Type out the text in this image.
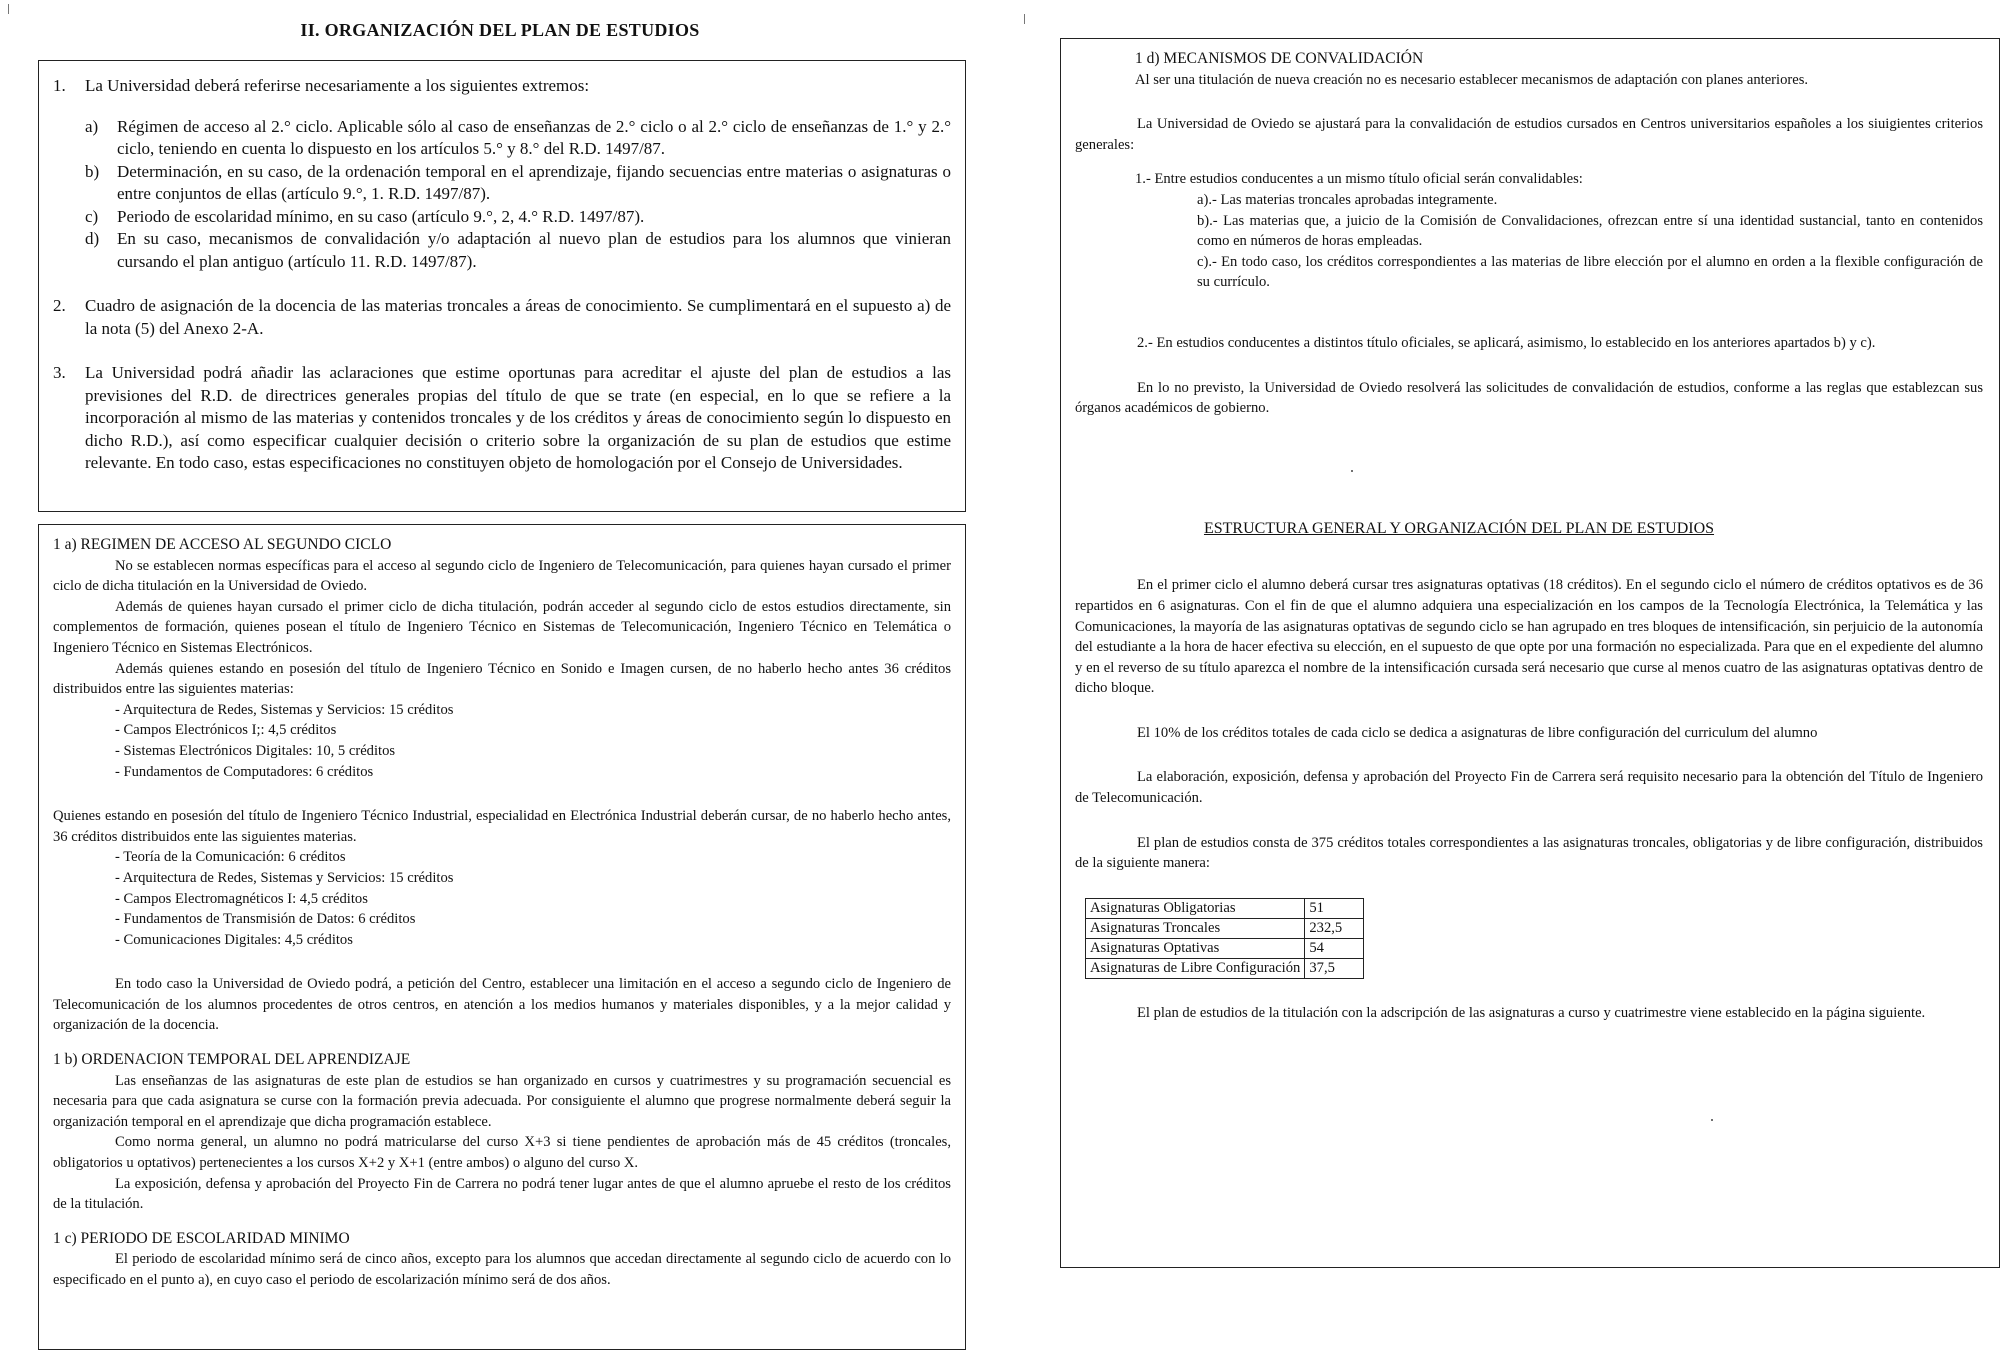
II. ORGANIZACIÓN DEL PLAN DE ESTUDIOS
1.	La Universidad deberá referirse necesariamente a los siguientes extremos:
a)	Régimen de acceso al 2.° ciclo. Aplicable sólo al caso de enseñanzas de 2.° ciclo o al 2.° ciclo de enseñanzas de 1.° y 2.° ciclo, teniendo en cuenta lo dispuesto en los artículos 5.° y 8.° del R.D. 1497/87.
b)	Determinación, en su caso, de la ordenación temporal en el aprendizaje, fijando secuencias entre materias o asignaturas o entre conjuntos de ellas (artículo 9.°, 1. R.D. 1497/87).
c)	Periodo de escolaridad mínimo, en su caso (artículo 9.°, 2, 4.° R.D. 1497/87).
d)	En su caso, mecanismos de convalidación y/o adaptación al nuevo plan de estudios para los alumnos que vinieran cursando el plan antiguo (artículo 11. R.D. 1497/87).
2.	Cuadro de asignación de la docencia de las materias troncales a áreas de conocimiento. Se cumplimentará en el supuesto a) de la nota (5) del Anexo 2-A.
3.	La Universidad podrá añadir las aclaraciones que estime oportunas para acreditar el ajuste del plan de estudios a las previsiones del R.D. de directrices generales propias del título de que se trate (en especial, en lo que se refiere a la incorporación al mismo de las materias y contenidos troncales y de los créditos y áreas de conocimiento según lo dispuesto en dicho R.D.), así como especificar cualquier decisión o criterio sobre la organización de su plan de estudios que estime relevante. En todo caso, estas especificaciones no constituyen objeto de homologación por el Consejo de Universidades.
1 a) REGIMEN DE ACCESO AL SEGUNDO CICLO

No se establecen normas específicas para el acceso al segundo ciclo de Ingeniero de Telecomunicación, para quienes hayan cursado el primer ciclo de dicha titulación en la Universidad de Oviedo.

Además de quienes hayan cursado el primer ciclo de dicha titulación, podrán acceder al segundo ciclo de estos estudios directamente, sin complementos de formación, quienes posean el título de Ingeniero Técnico en Sistemas de Telecomunicación, Ingeniero Técnico en Telemática o Ingeniero Técnico en Sistemas Electrónicos.

Además quienes estando en posesión del título de Ingeniero Técnico en Sonido e Imagen cursen, de no haberlo hecho antes 36 créditos distribuidos entre las siguientes materias:

- Arquitectura de Redes, Sistemas y Servicios: 15 créditos
- Campos Electrónicos I;: 4,5 créditos
- Sistemas Electrónicos Digitales: 10, 5 créditos
- Fundamentos de Computadores: 6 créditos

Quienes estando en posesión del título de Ingeniero Técnico Industrial, especialidad en Electrónica Industrial deberán cursar, de no haberlo hecho antes, 36 créditos distribuidos ente las siguientes materias.

- Teoría de la Comunicación: 6 créditos
- Arquitectura de Redes, Sistemas y Servicios: 15 créditos
- Campos Electromagnéticos I: 4,5 créditos
- Fundamentos de Transmisión de Datos: 6 créditos
- Comunicaciones Digitales: 4,5 créditos

En todo caso la Universidad de Oviedo podrá, a petición del Centro, establecer una limitación en el acceso a segundo ciclo de Ingeniero de Telecomunicación de los alumnos procedentes de otros centros, en atención a los medios humanos y materiales disponibles, y a la mejor calidad y organización de la docencia.

1 b) ORDENACION TEMPORAL DEL APRENDIZAJE

Las enseñanzas de las asignaturas de este plan de estudios se han organizado en cursos y cuatrimestres y su programación secuencial es necesaria para que cada asignatura se curse con la formación previa adecuada. Por consiguiente el alumno que progrese normalmente deberá seguir la organización temporal en el aprendizaje que dicha programación establece.

Como norma general, un alumno no podrá matricularse del curso X+3 si tiene pendientes de aprobación más de 45 créditos (troncales, obligatorios u optativos) pertenecientes a los cursos X+2 y X+1 (entre ambos) o alguno del curso X.

La exposición, defensa y aprobación del Proyecto Fin de Carrera no podrá tener lugar antes de que el alumno apruebe el resto de los créditos de la titulación.

1 c) PERIODO DE ESCOLARIDAD MINIMO

El periodo de escolaridad mínimo será de cinco años, excepto para los alumnos que accedan directamente al segundo ciclo de acuerdo con lo especificado en el punto a), en cuyo caso el periodo de escolarización mínimo será de dos años.

1 d) MECANISMOS DE CONVALIDACIÓN
Al ser una titulación de nueva creación no es necesario establecer mecanismos de adaptación con planes anteriores.

La Universidad de Oviedo se ajustará para la convalidación de estudios cursados en Centros universitarios españoles a los siuigientes criterios generales:

1.- Entre estudios conducentes a un mismo título oficial serán convalidables:
a).- Las materias troncales aprobadas integramente.
b).- Las materias que, a juicio de la Comisión de Convalidaciones, ofrezcan entre sí una identidad sustancial, tanto en contenidos como en números de horas empleadas.
c).- En todo caso, los créditos correspondientes a las materias de libre elección por el alumno en orden a la flexible configuración de su currículo.

2.- En estudios conducentes a distintos título oficiales, se aplicará, asimismo, lo establecido en los anteriores apartados b) y c).

En lo no previsto, la Universidad de Oviedo resolverá las solicitudes de convalidación de estudios, conforme a las reglas que establezcan sus órganos académicos de gobierno.

ESTRUCTURA GENERAL Y ORGANIZACIÓN DEL PLAN DE ESTUDIOS

En el primer ciclo el alumno deberá cursar tres asignaturas optativas (18 créditos). En el segundo ciclo el número de créditos optativos es de 36 repartidos en 6 asignaturas. Con el fin de que el alumno adquiera una especialización en los campos de la Tecnología Electrónica, la Telemática y las Comunicaciones, la mayoría de las asignaturas optativas de segundo ciclo se han agrupado en tres bloques de intensificación, sin perjuicio de la autonomía del estudiante a la hora de hacer efectiva su elección, en el supuesto de que opte por una formación no especializada. Para que en el expediente del alumno y en el reverso de su título aparezca el nombre de la intensificación cursada será necesario que curse al menos cuatro de las asignaturas optativas dentro de dicho bloque.

El 10% de los créditos totales de cada ciclo se dedica a asignaturas de libre configuración del curriculum del alumno

La elaboración, exposición, defensa y aprobación del Proyecto Fin de Carrera será requisito necesario para la obtención del Título de Ingeniero de Telecomunicación.

El plan de estudios consta de 375 créditos totales correspondientes a las asignaturas troncales, obligatorias y de libre configuración, distribuidos de la siguiente manera:

Asignaturas Obligatorias	51
Asignaturas Troncales	232,5
Asignaturas Optativas	54
Asignaturas de Libre Configuración	37,5

El plan de estudios de la titulación con la adscripción de las asignaturas a curso y cuatrimestre viene establecido en la página siguiente.
